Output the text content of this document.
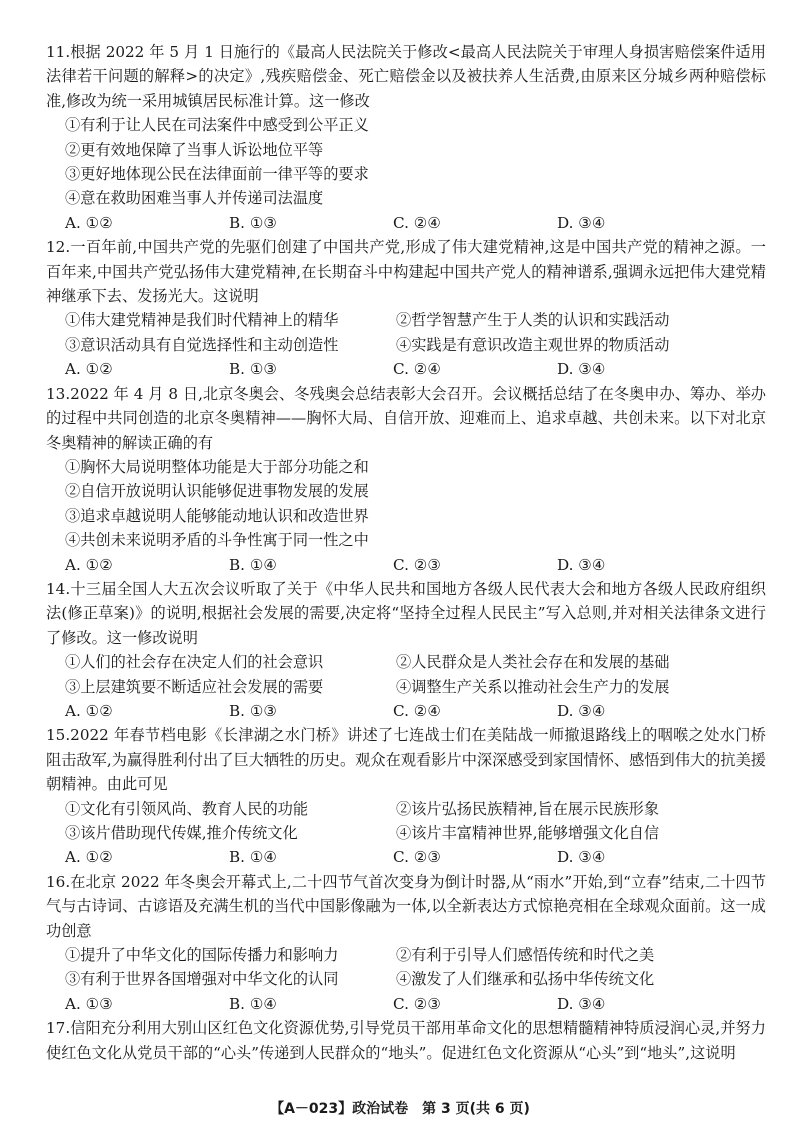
11.根据 2022 年 5 月 1 日施行的《最高人民法院关于修改<最高人民法院关于审理人身损害赔偿案件适用法律若干问题的解释>的决定》,残疾赔偿金、死亡赔偿金以及被扶养人生活费,由原来区分城乡两种赔偿标准,修改为统一采用城镇居民标准计算。这一修改

①有利于让人民在司法案件中感受到公平正义
②更有效地保障了当事人诉讼地位平等
③更好地体现公民在法律面前一律平等的要求
④意在救助困难当事人并传递司法温度
A. ①②	B. ①③	C. ②④	D. ③④

12.一百年前,中国共产党的先驱们创建了中国共产党,形成了伟大建党精神,这是中国共产党的精神之源。一百年来,中国共产党弘扬伟大建党精神,在长期奋斗中构建起中国共产党人的精神谱系,强调永远把伟大建党精神继承下去、发扬光大。这说明

①伟大建党精神是我们时代精神上的精华	②哲学智慧产生于人类的认识和实践活动
③意识活动具有自觉选择性和主动创造性	④实践是有意识改造主观世界的物质活动
A. ①②	B. ①③	C. ②④	D. ③④

13.2022 年 4 月 8 日,北京冬奥会、冬残奥会总结表彰大会召开。会议概括总结了在冬奥申办、筹办、举办的过程中共同创造的北京冬奥精神——胸怀大局、自信开放、迎难而上、追求卓越、共创未来。以下对北京冬奥精神的解读正确的有

①胸怀大局说明整体功能是大于部分功能之和
②自信开放说明认识能够促进事物发展的发展
③追求卓越说明人能够能动地认识和改造世界
④共创未来说明矛盾的斗争性寓于同一性之中
A. ①②	B. ①④	C. ②③	D. ③④

14.十三届全国人大五次会议听取了关于《中华人民共和国地方各级人民代表大会和地方各级人民政府组织法(修正草案)》的说明,根据社会发展的需要,决定将“坚持全过程人民民主”写入总则,并对相关法律条文进行了修改。这一修改说明

①人们的社会存在决定人们的社会意识	②人民群众是人类社会存在和发展的基础
③上层建筑要不断适应社会发展的需要	④调整生产关系以推动社会生产力的发展
A. ①②	B. ①③	C. ②④	D. ③④

15.2022 年春节档电影《长津湖之水门桥》讲述了七连战士们在美陆战一师撤退路线上的咽喉之处水门桥阻击敌军,为赢得胜利付出了巨大牺牲的历史。观众在观看影片中深深感受到家国情怀、感悟到伟大的抗美援朝精神。由此可见

①文化有引领风尚、教育人民的功能	②该片弘扬民族精神,旨在展示民族形象
③该片借助现代传媒,推介传统文化	④该片丰富精神世界,能够增强文化自信
A. ①②	B. ①④	C. ②③	D. ③④

16.在北京 2022 年冬奥会开幕式上,二十四节气首次变身为倒计时器,从“雨水”开始,到“立春”结束,二十四节气与古诗词、古谚语及充满生机的当代中国影像融为一体,以全新表达方式惊艳亮相在全球观众面前。这一成功创意

①提升了中华文化的国际传播力和影响力	②有利于引导人们感悟传统和时代之美
③有利于世界各国增强对中华文化的认同	④激发了人们继承和弘扬中华传统文化
A. ①③	B. ①④	C. ②③	D. ③④

17.信阳充分利用大别山区红色文化资源优势,引导党员干部用革命文化的思想精髓精神特质浸润心灵,并努力使红色文化从党员干部的“心头”传递到人民群众的“地头”。促进红色文化资源从“心头”到“地头”,这说明

【A－023】政治试卷　第 3 页(共 6 页)
